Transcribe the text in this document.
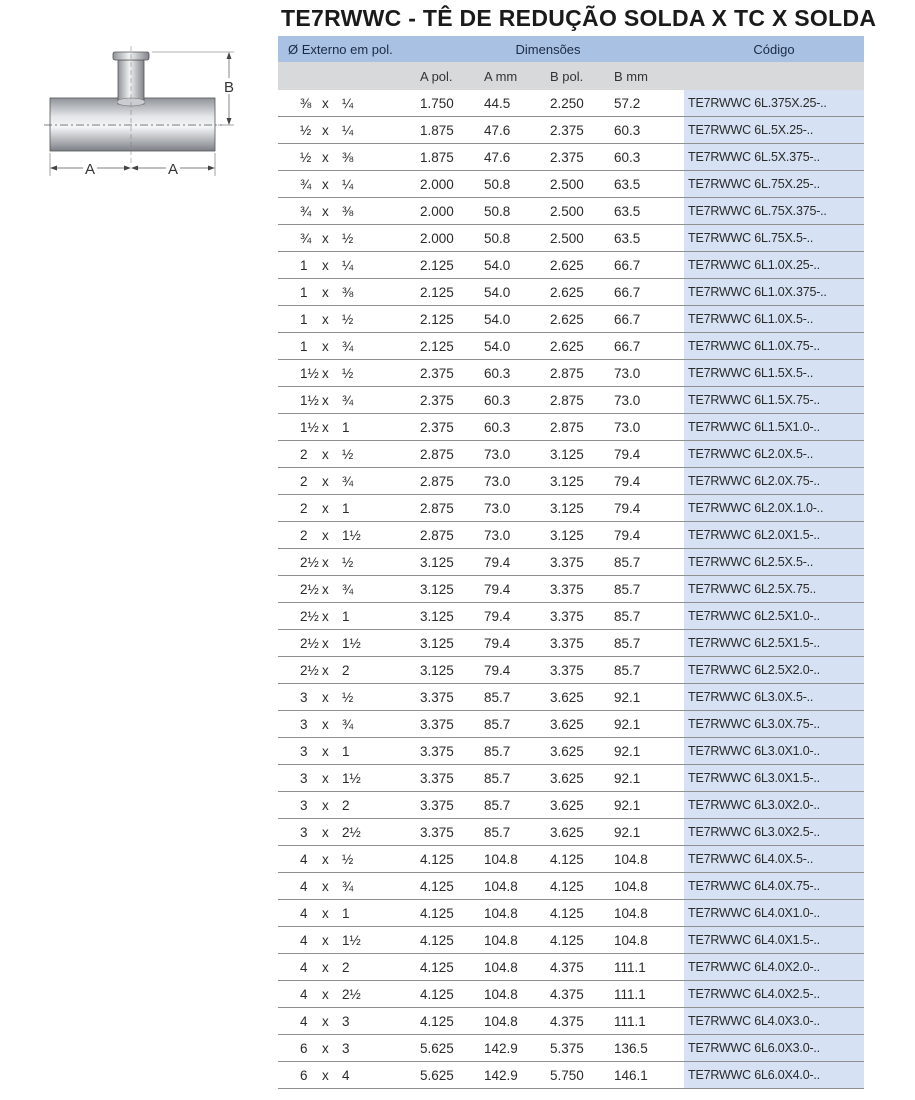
TE7RWWC - TÊ DE REDUÇÃO SOLDA X TC X SOLDA
B
A	A
Ø Externo em pol.	Dimensões				Código
	A pol.	A mm	B pol.	B mm	
⅜ x ¼	1.750	44.5	2.250	57.2	TE7RWWC 6L.375X.25-..
½ x ¼	1.875	47.6	2.375	60.3	TE7RWWC 6L.5X.25-..
½ x ⅜	1.875	47.6	2.375	60.3	TE7RWWC 6L.5X.375-..
¾ x ¼	2.000	50.8	2.500	63.5	TE7RWWC 6L.75X.25-..
¾ x ⅜	2.000	50.8	2.500	63.5	TE7RWWC 6L.75X.375-..
¾ x ½	2.000	50.8	2.500	63.5	TE7RWWC 6L.75X.5-..
1 x ¼	2.125	54.0	2.625	66.7	TE7RWWC 6L1.0X.25-..
1 x ⅜	2.125	54.0	2.625	66.7	TE7RWWC 6L1.0X.375-..
1 x ½	2.125	54.0	2.625	66.7	TE7RWWC 6L1.0X.5-..
1 x ¾	2.125	54.0	2.625	66.7	TE7RWWC 6L1.0X.75-..
1½ x ½	2.375	60.3	2.875	73.0	TE7RWWC 6L1.5X.5-..
1½ x ¾	2.375	60.3	2.875	73.0	TE7RWWC 6L1.5X.75-..
1½ x 1	2.375	60.3	2.875	73.0	TE7RWWC 6L1.5X1.0-..
2 x ½	2.875	73.0	3.125	79.4	TE7RWWC 6L2.0X.5-..
2 x ¾	2.875	73.0	3.125	79.4	TE7RWWC 6L2.0X.75-..
2 x 1	2.875	73.0	3.125	79.4	TE7RWWC 6L2.0X.1.0-..
2 x 1½	2.875	73.0	3.125	79.4	TE7RWWC 6L2.0X1.5-..
2½ x ½	3.125	79.4	3.375	85.7	TE7RWWC 6L2.5X.5-..
2½ x ¾	3.125	79.4	3.375	85.7	TE7RWWC 6L2.5X.75..
2½ x 1	3.125	79.4	3.375	85.7	TE7RWWC 6L2.5X1.0-..
2½ x 1½	3.125	79.4	3.375	85.7	TE7RWWC 6L2.5X1.5-..
2½ x 2	3.125	79.4	3.375	85.7	TE7RWWC 6L2.5X2.0-..
3 x ½	3.375	85.7	3.625	92.1	TE7RWWC 6L3.0X.5-..
3 x ¾	3.375	85.7	3.625	92.1	TE7RWWC 6L3.0X.75-..
3 x 1	3.375	85.7	3.625	92.1	TE7RWWC 6L3.0X1.0-..
3 x 1½	3.375	85.7	3.625	92.1	TE7RWWC 6L3.0X1.5-..
3 x 2	3.375	85.7	3.625	92.1	TE7RWWC 6L3.0X2.0-..
3 x 2½	3.375	85.7	3.625	92.1	TE7RWWC 6L3.0X2.5-..
4 x ½	4.125	104.8	4.125	104.8	TE7RWWC 6L4.0X.5-..
4 x ¾	4.125	104.8	4.125	104.8	TE7RWWC 6L4.0X.75-..
4 x 1	4.125	104.8	4.125	104.8	TE7RWWC 6L4.0X1.0-..
4 x 1½	4.125	104.8	4.125	104.8	TE7RWWC 6L4.0X1.5-..
4 x 2	4.125	104.8	4.375	111.1	TE7RWWC 6L4.0X2.0-..
4 x 2½	4.125	104.8	4.375	111.1	TE7RWWC 6L4.0X2.5-..
4 x 3	4.125	104.8	4.375	111.1	TE7RWWC 6L4.0X3.0-..
6 x 3	5.625	142.9	5.375	136.5	TE7RWWC 6L6.0X3.0-..
6 x 4	5.625	142.9	5.750	146.1	TE7RWWC 6L6.0X4.0-..
